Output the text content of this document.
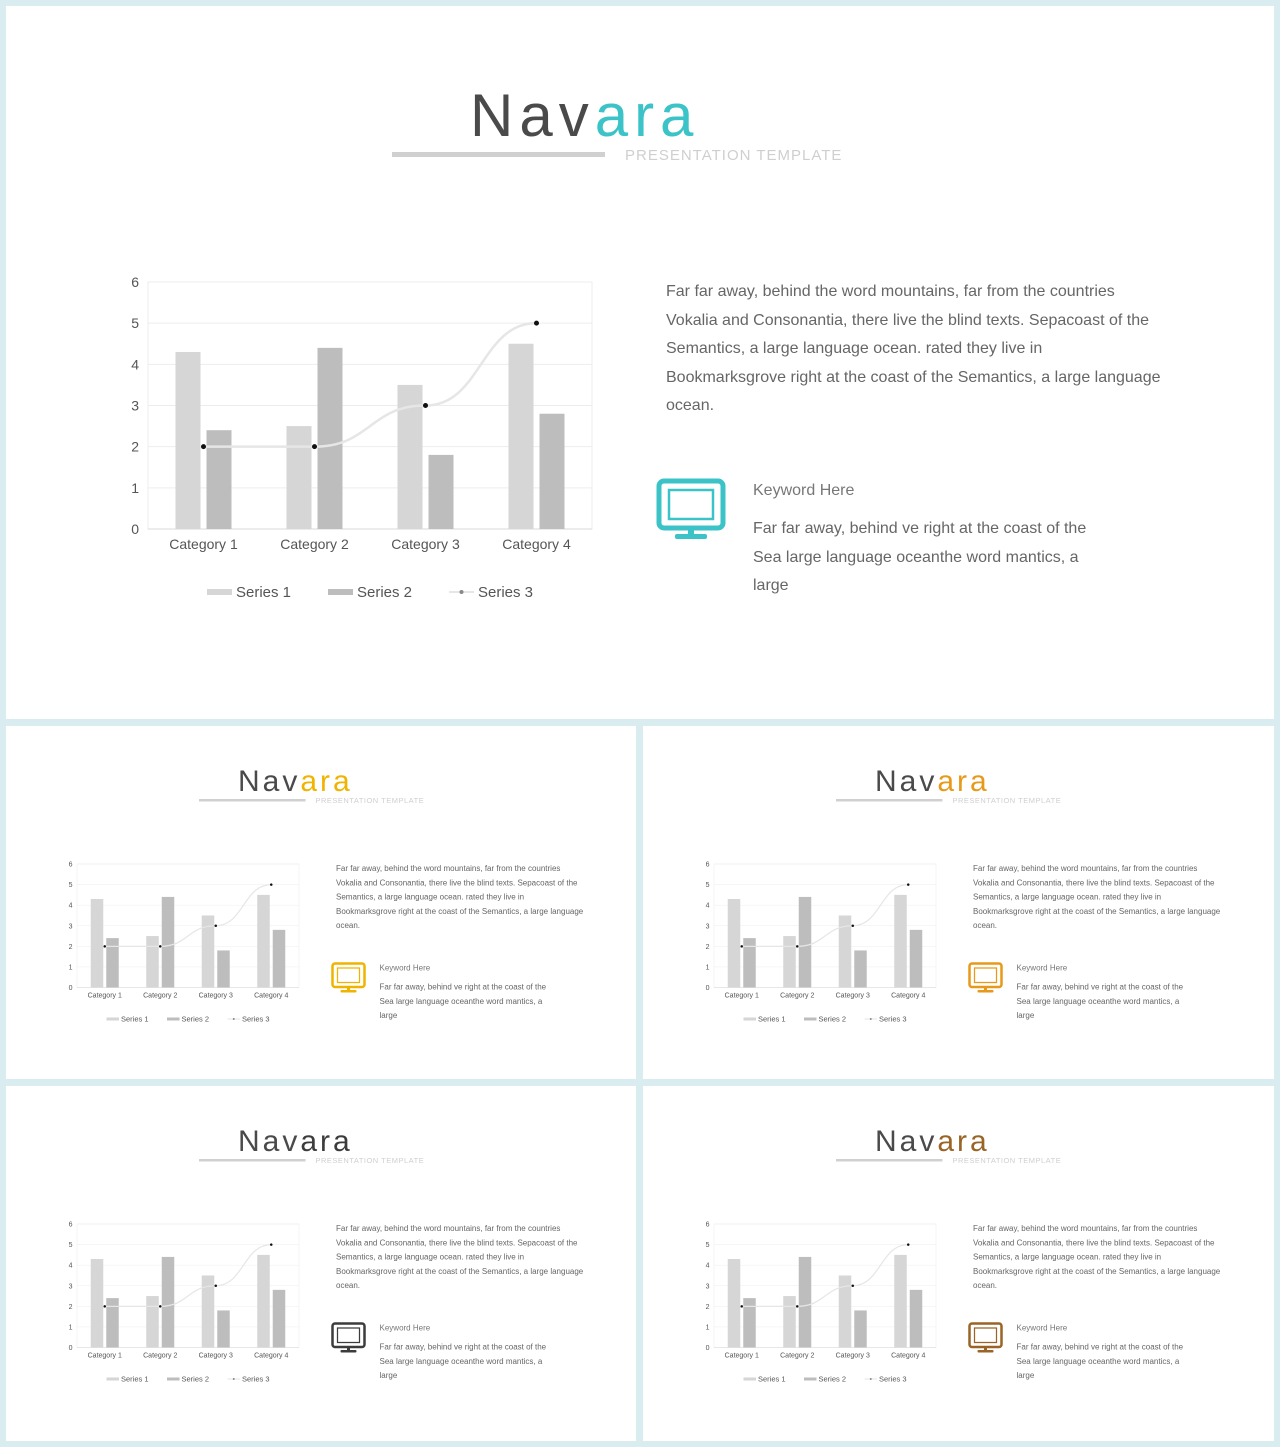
Navara
PRESENTATION TEMPLATE
0
1
2
3
4
5
6
Category 1	Category 2	Category 3	Category 4
Series 1	Series 2	Series 3
Far far away, behind the word mountains, far from the countries Vokalia and Consonantia, there live the blind texts. Sepacoast of the Semantics, a large language ocean. rated they live in Bookmarksgrove right at the coast of the Semantics, a large language ocean.
Keyword Here
Far far away, behind ve right at the coast of the Sea large language oceanthe word mantics, a large
Navara
PRESENTATION TEMPLATE
0
1
2
3
4
5
6
Category 1 Category 2 Category 3 Category 4
Series 1 Series 2 Series 3
Far far away, behind the word mountains, far from the countries Vokalia and Consonantia, there live the blind texts. Sepacoast of the Semantics, a large language ocean. rated they live in Bookmarksgrove right at the coast of the Semantics, a large language ocean.
Keyword Here
Far far away, behind ve right at the coast of the Sea large language oceanthe word mantics, a large
Navara
PRESENTATION TEMPLATE
0
1
2
3
4
5
6
Category 1 Category 2 Category 3 Category 4
Series 1 Series 2 Series 3
Far far away, behind the word mountains, far from the countries Vokalia and Consonantia, there live the blind texts. Sepacoast of the Semantics, a large language ocean. rated they live in Bookmarksgrove right at the coast of the Semantics, a large language ocean.
Keyword Here
Far far away, behind ve right at the coast of the Sea large language oceanthe word mantics, a large
Navara
PRESENTATION TEMPLATE
0
1
2
3
4
5
6
Category 1 Category 2 Category 3 Category 4
Series 1 Series 2 Series 3
Far far away, behind the word mountains, far from the countries Vokalia and Consonantia, there live the blind texts. Sepacoast of the Semantics, a large language ocean. rated they live in Bookmarksgrove right at the coast of the Semantics, a large language ocean.
Keyword Here
Far far away, behind ve right at the coast of the Sea large language oceanthe word mantics, a large
Navara
PRESENTATION TEMPLATE
0
1
2
3
4
5
6
Category 1 Category 2 Category 3 Category 4
Series 1 Series 2 Series 3
Far far away, behind the word mountains, far from the countries Vokalia and Consonantia, there live the blind texts. Sepacoast of the Semantics, a large language ocean. rated they live in Bookmarksgrove right at the coast of the Semantics, a large language ocean.
Keyword Here
Far far away, behind ve right at the coast of the Sea large language oceanthe word mantics, a large
